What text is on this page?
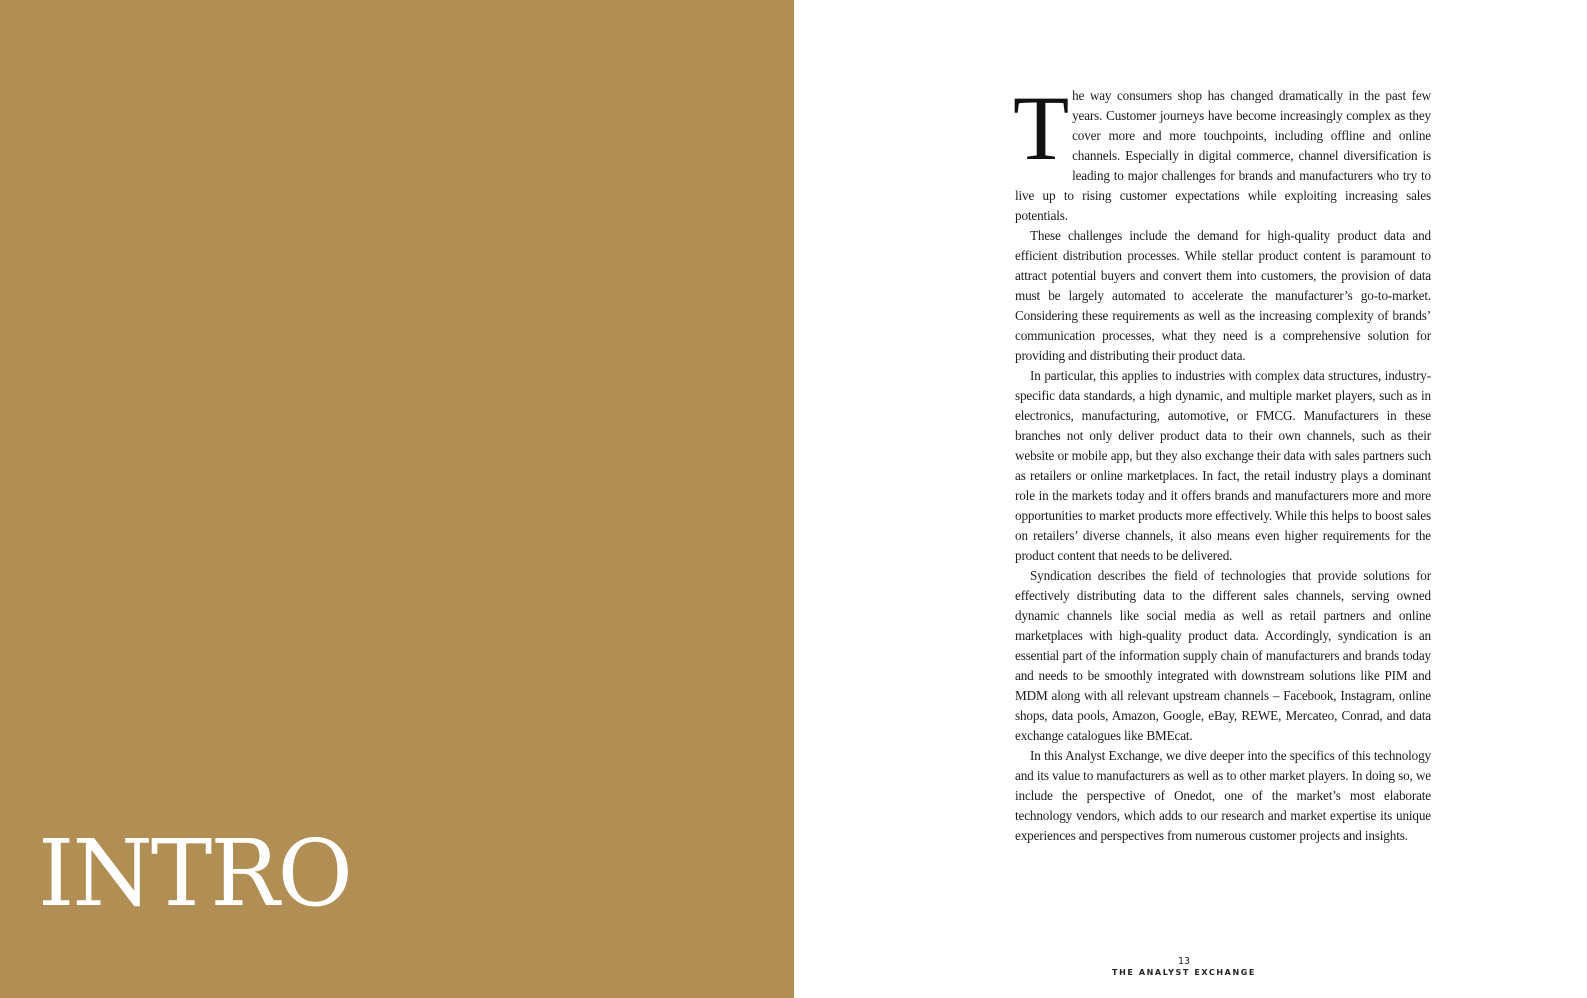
INTRO

The way consumers shop has changed dramatically in the past few years. Customer journeys have become increasingly complex as they cover more and more touchpoints, including offline and online channels. Especially in digital commerce, channel diversification is leading to major challenges for brands and manufacturers who try to live up to rising customer expectations while exploiting increasing sales potentials.

These challenges include the demand for high-quality product data and efficient distribution processes. While stellar product content is paramount to attract potential buyers and convert them into customers, the provision of data must be largely automated to accelerate the manufacturer’s go-to-market. Considering these requirements as well as the increasing complexity of brands’ communication processes, what they need is a comprehensive solution for providing and distributing their product data.

In particular, this applies to industries with complex data structures, industry-specific data standards, a high dynamic, and multiple market players, such as in electronics, manufacturing, automotive, or FMCG. Manufacturers in these branches not only deliver product data to their own channels, such as their website or mobile app, but they also exchange their data with sales partners such as retailers or online marketplaces. In fact, the retail industry plays a dominant role in the markets today and it offers brands and manufacturers more and more opportunities to market products more effectively. While this helps to boost sales on retailers’ diverse channels, it also means even higher requirements for the product content that needs to be delivered.

Syndication describes the field of technologies that provide solutions for effectively distributing data to the different sales channels, serving owned dynamic channels like social media as well as retail partners and online marketplaces with high-quality product data. Accordingly, syndication is an essential part of the information supply chain of manufacturers and brands today and needs to be smoothly integrated with downstream solutions like PIM and MDM along with all relevant upstream channels – Facebook, Instagram, online shops, data pools, Amazon, Google, eBay, REWE, Mercateo, Conrad, and data exchange catalogues like BMEcat.

In this Analyst Exchange, we dive deeper into the specifics of this technology and its value to manufacturers as well as to other market players. In doing so, we include the perspective of Onedot, one of the market’s most elaborate technology vendors, which adds to our research and market expertise its unique experiences and perspectives from numerous customer projects and insights.

13
THE ANALYST EXCHANGE
